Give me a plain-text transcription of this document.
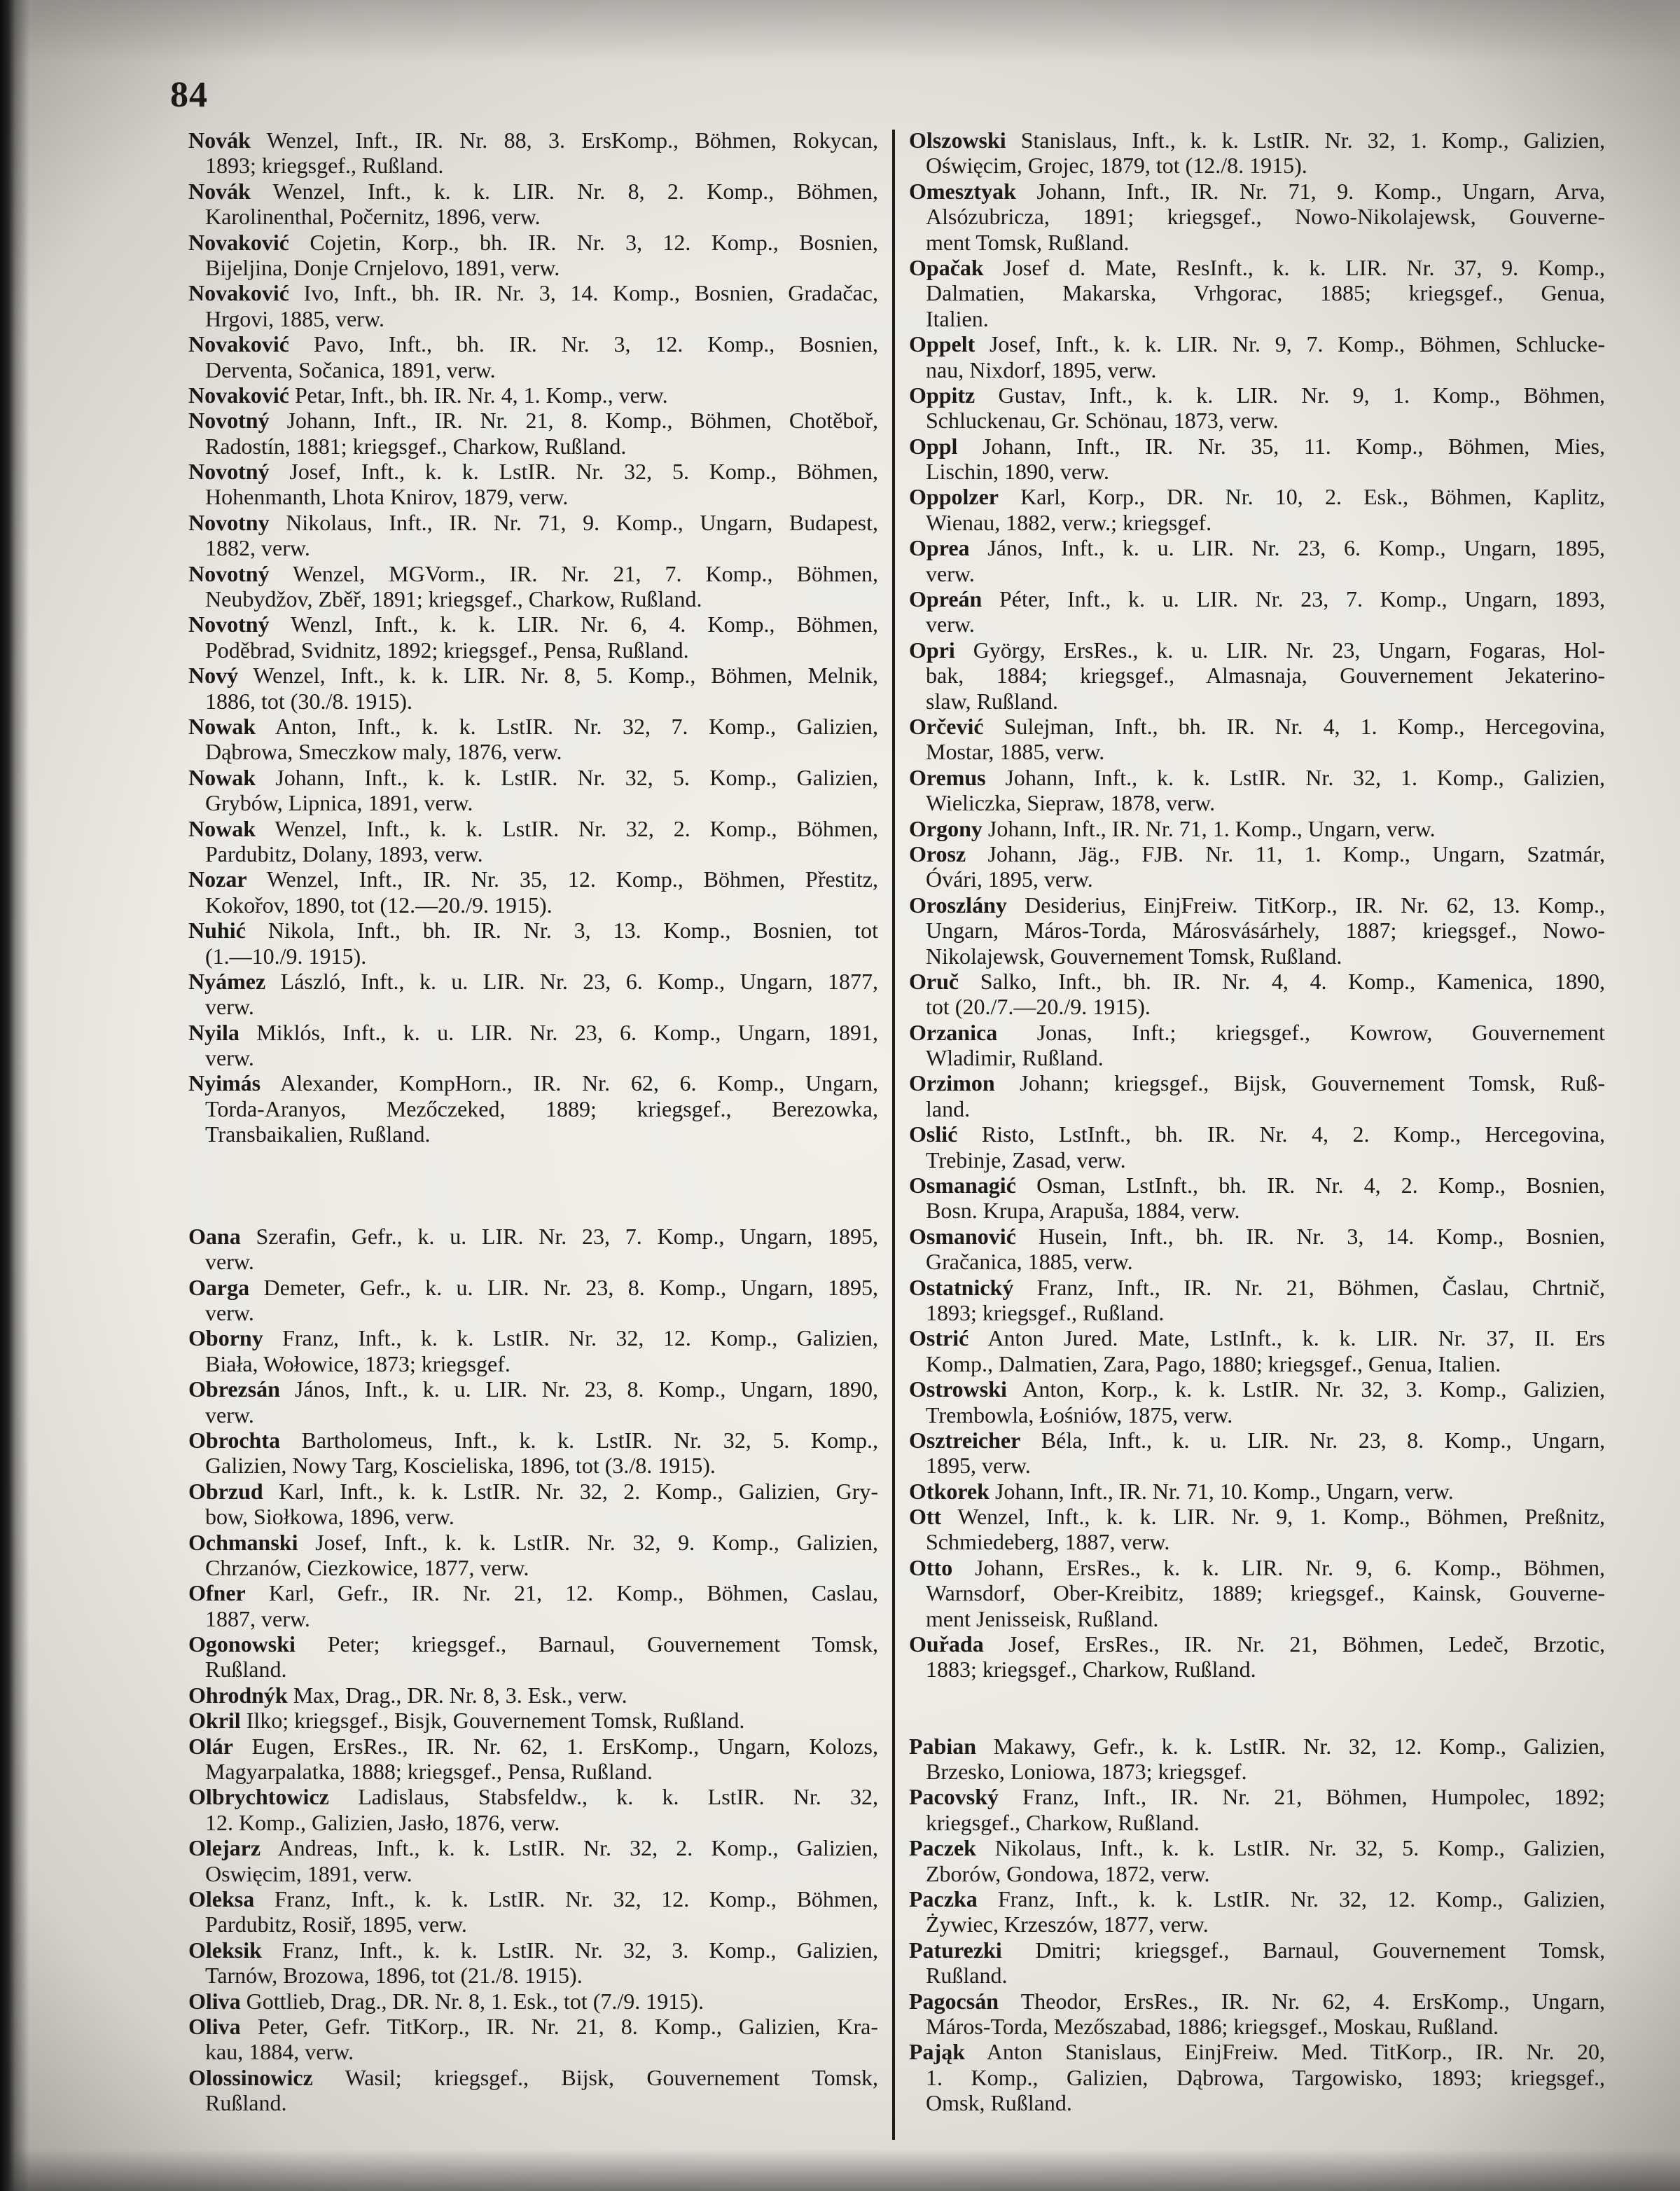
84
Novák Wenzel, Inft., IR. Nr. 88, 3. ErsKomp., Böhmen, Rokycan,
1893; kriegsgef., Rußland.
Novák Wenzel, Inft., k. k. LIR. Nr. 8, 2. Komp., Böhmen,
Karolinenthal, Počernitz, 1896, verw.
Novaković Cojetin, Korp., bh. IR. Nr. 3, 12. Komp., Bosnien,
Bijeljina, Donje Crnjelovo, 1891, verw.
Novaković Ivo, Inft., bh. IR. Nr. 3, 14. Komp., Bosnien, Gradačac,
Hrgovi, 1885, verw.
Novaković Pavo, Inft., bh. IR. Nr. 3, 12. Komp., Bosnien,
Derventa, Sočanica, 1891, verw.
Novaković Petar, Inft., bh. IR. Nr. 4, 1. Komp., verw.
Novotný Johann, Inft., IR. Nr. 21, 8. Komp., Böhmen, Chotěboř,
Radostín, 1881; kriegsgef., Charkow, Rußland.
Novotný Josef, Inft., k. k. LstIR. Nr. 32, 5. Komp., Böhmen,
Hohenmanth, Lhota Knirov, 1879, verw.
Novotny Nikolaus, Inft., IR. Nr. 71, 9. Komp., Ungarn, Budapest,
1882, verw.
Novotný Wenzel, MGVorm., IR. Nr. 21, 7. Komp., Böhmen,
Neubydžov, Zběř, 1891; kriegsgef., Charkow, Rußland.
Novotný Wenzl, Inft., k. k. LIR. Nr. 6, 4. Komp., Böhmen,
Poděbrad, Svidnitz, 1892; kriegsgef., Pensa, Rußland.
Nový Wenzel, Inft., k. k. LIR. Nr. 8, 5. Komp., Böhmen, Melnik,
1886, tot (30./8. 1915).
Nowak Anton, Inft., k. k. LstIR. Nr. 32, 7. Komp., Galizien,
Dąbrowa, Smeczkow maly, 1876, verw.
Nowak Johann, Inft., k. k. LstIR. Nr. 32, 5. Komp., Galizien,
Grybów, Lipnica, 1891, verw.
Nowak Wenzel, Inft., k. k. LstIR. Nr. 32, 2. Komp., Böhmen,
Pardubitz, Dolany, 1893, verw.
Nozar Wenzel, Inft., IR. Nr. 35, 12. Komp., Böhmen, Přestitz,
Kokořov, 1890, tot (12.—20./9. 1915).
Nuhić Nikola, Inft., bh. IR. Nr. 3, 13. Komp., Bosnien, tot
(1.—10./9. 1915).
Nyámez László, Inft., k. u. LIR. Nr. 23, 6. Komp., Ungarn, 1877,
verw.
Nyila Miklós, Inft., k. u. LIR. Nr. 23, 6. Komp., Ungarn, 1891,
verw.
Nyimás Alexander, KompHorn., IR. Nr. 62, 6. Komp., Ungarn,
Torda-Aranyos, Mezőczeked, 1889; kriegsgef., Berezowka,
Transbaikalien, Rußland.
Oana Szerafin, Gefr., k. u. LIR. Nr. 23, 7. Komp., Ungarn, 1895,
verw.
Oarga Demeter, Gefr., k. u. LIR. Nr. 23, 8. Komp., Ungarn, 1895,
verw.
Oborny Franz, Inft., k. k. LstIR. Nr. 32, 12. Komp., Galizien,
Biała, Wołowice, 1873; kriegsgef.
Obrezsán János, Inft., k. u. LIR. Nr. 23, 8. Komp., Ungarn, 1890,
verw.
Obrochta Bartholomeus, Inft., k. k. LstIR. Nr. 32, 5. Komp.,
Galizien, Nowy Targ, Koscieliska, 1896, tot (3./8. 1915).
Obrzud Karl, Inft., k. k. LstIR. Nr. 32, 2. Komp., Galizien, Gry-
bow, Siołkowa, 1896, verw.
Ochmanski Josef, Inft., k. k. LstIR. Nr. 32, 9. Komp., Galizien,
Chrzanów, Ciezkowice, 1877, verw.
Ofner Karl, Gefr., IR. Nr. 21, 12. Komp., Böhmen, Caslau,
1887, verw.
Ogonowski Peter; kriegsgef., Barnaul, Gouvernement Tomsk,
Rußland.
Ohrodnýk Max, Drag., DR. Nr. 8, 3. Esk., verw.
Okril Ilko; kriegsgef., Bisjk, Gouvernement Tomsk, Rußland.
Olár Eugen, ErsRes., IR. Nr. 62, 1. ErsKomp., Ungarn, Kolozs,
Magyarpalatka, 1888; kriegsgef., Pensa, Rußland.
Olbrychtowicz Ladislaus, Stabsfeldw., k. k. LstIR. Nr. 32,
12. Komp., Galizien, Jasło, 1876, verw.
Olejarz Andreas, Inft., k. k. LstIR. Nr. 32, 2. Komp., Galizien,
Oswięcim, 1891, verw.
Oleksa Franz, Inft., k. k. LstIR. Nr. 32, 12. Komp., Böhmen,
Pardubitz, Rosiř, 1895, verw.
Oleksik Franz, Inft., k. k. LstIR. Nr. 32, 3. Komp., Galizien,
Tarnów, Brozowa, 1896, tot (21./8. 1915).
Oliva Gottlieb, Drag., DR. Nr. 8, 1. Esk., tot (7./9. 1915).
Oliva Peter, Gefr. TitKorp., IR. Nr. 21, 8. Komp., Galizien, Kra-
kau, 1884, verw.
Olossinowicz Wasil; kriegsgef., Bijsk, Gouvernement Tomsk,
Rußland.
Olszowski Stanislaus, Inft., k. k. LstIR. Nr. 32, 1. Komp., Galizien,
Oświęcim, Grojec, 1879, tot (12./8. 1915).
Omesztyak Johann, Inft., IR. Nr. 71, 9. Komp., Ungarn, Arva,
Alsózubricza, 1891; kriegsgef., Nowo-Nikolajewsk, Gouverne-
ment Tomsk, Rußland.
Opačak Josef d. Mate, ResInft., k. k. LIR. Nr. 37, 9. Komp.,
Dalmatien, Makarska, Vrhgorac, 1885; kriegsgef., Genua,
Italien.
Oppelt Josef, Inft., k. k. LIR. Nr. 9, 7. Komp., Böhmen, Schlucke-
nau, Nixdorf, 1895, verw.
Oppitz Gustav, Inft., k. k. LIR. Nr. 9, 1. Komp., Böhmen,
Schluckenau, Gr. Schönau, 1873, verw.
Oppl Johann, Inft., IR. Nr. 35, 11. Komp., Böhmen, Mies,
Lischin, 1890, verw.
Oppolzer Karl, Korp., DR. Nr. 10, 2. Esk., Böhmen, Kaplitz,
Wienau, 1882, verw.; kriegsgef.
Oprea János, Inft., k. u. LIR. Nr. 23, 6. Komp., Ungarn, 1895,
verw.
Opreán Péter, Inft., k. u. LIR. Nr. 23, 7. Komp., Ungarn, 1893,
verw.
Opri György, ErsRes., k. u. LIR. Nr. 23, Ungarn, Fogaras, Hol-
bak, 1884; kriegsgef., Almasnaja, Gouvernement Jekaterino-
slaw, Rußland.
Orčević Sulejman, Inft., bh. IR. Nr. 4, 1. Komp., Hercegovina,
Mostar, 1885, verw.
Oremus Johann, Inft., k. k. LstIR. Nr. 32, 1. Komp., Galizien,
Wieliczka, Siepraw, 1878, verw.
Orgony Johann, Inft., IR. Nr. 71, 1. Komp., Ungarn, verw.
Orosz Johann, Jäg., FJB. Nr. 11, 1. Komp., Ungarn, Szatmár,
Óvári, 1895, verw.
Oroszlány Desiderius, EinjFreiw. TitKorp., IR. Nr. 62, 13. Komp.,
Ungarn, Máros-Torda, Márosvásárhely, 1887; kriegsgef., Nowo-
Nikolajewsk, Gouvernement Tomsk, Rußland.
Oruč Salko, Inft., bh. IR. Nr. 4, 4. Komp., Kamenica, 1890,
tot (20./7.—20./9. 1915).
Orzanica Jonas, Inft.; kriegsgef., Kowrow, Gouvernement
Wladimir, Rußland.
Orzimon Johann; kriegsgef., Bijsk, Gouvernement Tomsk, Ruß-
land.
Oslić Risto, LstInft., bh. IR. Nr. 4, 2. Komp., Hercegovina,
Trebinje, Zasad, verw.
Osmanagić Osman, LstInft., bh. IR. Nr. 4, 2. Komp., Bosnien,
Bosn. Krupa, Arapuša, 1884, verw.
Osmanović Husein, Inft., bh. IR. Nr. 3, 14. Komp., Bosnien,
Gračanica, 1885, verw.
Ostatnický Franz, Inft., IR. Nr. 21, Böhmen, Časlau, Chrtnič,
1893; kriegsgef., Rußland.
Ostrić Anton Jured. Mate, LstInft., k. k. LIR. Nr. 37, II. Ers
Komp., Dalmatien, Zara, Pago, 1880; kriegsgef., Genua, Italien.
Ostrowski Anton, Korp., k. k. LstIR. Nr. 32, 3. Komp., Galizien,
Trembowla, Łośniów, 1875, verw.
Osztreicher Béla, Inft., k. u. LIR. Nr. 23, 8. Komp., Ungarn,
1895, verw.
Otkorek Johann, Inft., IR. Nr. 71, 10. Komp., Ungarn, verw.
Ott Wenzel, Inft., k. k. LIR. Nr. 9, 1. Komp., Böhmen, Preßnitz,
Schmiedeberg, 1887, verw.
Otto Johann, ErsRes., k. k. LIR. Nr. 9, 6. Komp., Böhmen,
Warnsdorf, Ober-Kreibitz, 1889; kriegsgef., Kainsk, Gouverne-
ment Jenisseisk, Rußland.
Ouřada Josef, ErsRes., IR. Nr. 21, Böhmen, Ledeč, Brzotic,
1883; kriegsgef., Charkow, Rußland.
Pabian Makawy, Gefr., k. k. LstIR. Nr. 32, 12. Komp., Galizien,
Brzesko, Loniowa, 1873; kriegsgef.
Pacovský Franz, Inft., IR. Nr. 21, Böhmen, Humpolec, 1892;
kriegsgef., Charkow, Rußland.
Paczek Nikolaus, Inft., k. k. LstIR. Nr. 32, 5. Komp., Galizien,
Zborów, Gondowa, 1872, verw.
Paczka Franz, Inft., k. k. LstIR. Nr. 32, 12. Komp., Galizien,
Żywiec, Krzeszów, 1877, verw.
Paturezki Dmitri; kriegsgef., Barnaul, Gouvernement Tomsk,
Rußland.
Pagocsán Theodor, ErsRes., IR. Nr. 62, 4. ErsKomp., Ungarn,
Máros-Torda, Mezőszabad, 1886; kriegsgef., Moskau, Rußland.
Pająk Anton Stanislaus, EinjFreiw. Med. TitKorp., IR. Nr. 20,
1. Komp., Galizien, Dąbrowa, Targowisko, 1893; kriegsgef.,
Omsk, Rußland.
